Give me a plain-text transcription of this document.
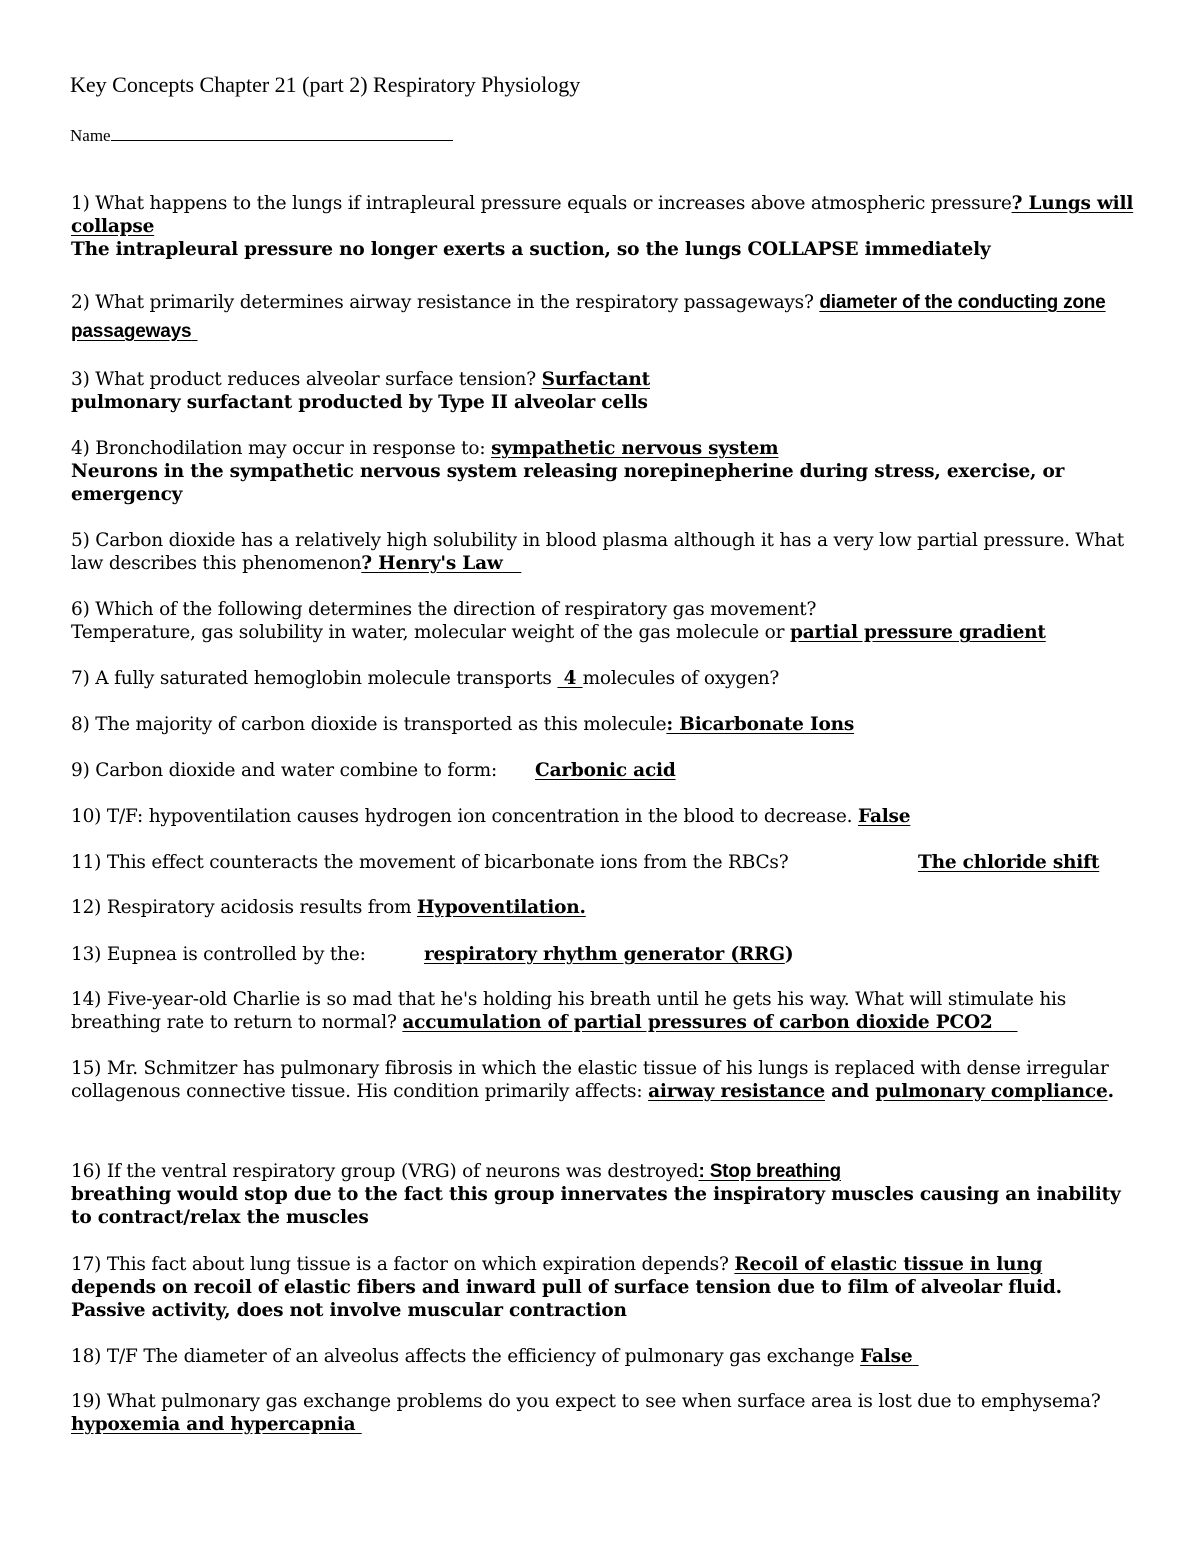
Key Concepts Chapter 21 (part 2) Respiratory Physiology
Name
1) What happens to the lungs if intrapleural pressure equals or increases above atmospheric pressure? Lungs will collapse
The intrapleural pressure no longer exerts a suction, so the lungs COLLAPSE immediately
2) What primarily determines airway resistance in the respiratory passageways? diameter of the conducting zone passageways
3) What product reduces alveolar surface tension? Surfactant
pulmonary surfactant producted by Type II alveolar cells
4) Bronchodilation may occur in response to: sympathetic nervous system
Neurons in the sympathetic nervous system releasing norepinepherine during stress, exercise, or emergency
5) Carbon dioxide has a relatively high solubility in blood plasma although it has a very low partial pressure. What law describes this phenomenon? Henry's Law
6) Which of the following determines the direction of respiratory gas movement?
Temperature, gas solubility in water, molecular weight of the gas molecule or partial pressure gradient
7) A fully saturated hemoglobin molecule transports  4 molecules of oxygen?
8) The majority of carbon dioxide is transported as this molecule: Bicarbonate Ions
9) Carbon dioxide and water combine to form: Carbonic acid
10) T/F: hypoventilation causes hydrogen ion concentration in the blood to decrease. False
11) This effect counteracts the movement of bicarbonate ions from the RBCs?	The chloride shift
12) Respiratory acidosis results from Hypoventilation.
13) Eupnea is controlled by the:	respiratory rhythm generator (RRG)
14) Five-year-old Charlie is so mad that he's holding his breath until he gets his way. What will stimulate his breathing rate to return to normal? accumulation of partial pressures of carbon dioxide PCO2
15) Mr. Schmitzer has pulmonary fibrosis in which the elastic tissue of his lungs is replaced with dense irregular collagenous connective tissue. His condition primarily affects: airway resistance and pulmonary compliance.
16) If the ventral respiratory group (VRG) of neurons was destroyed: Stop breathing
breathing would stop due to the fact this group innervates the inspiratory muscles causing an inability to contract/relax the muscles
17) This fact about lung tissue is a factor on which expiration depends? Recoil of elastic tissue in lung
depends on recoil of elastic fibers and inward pull of surface tension due to film of alveolar fluid. Passive activity, does not involve muscular contraction
18) T/F The diameter of an alveolus affects the efficiency of pulmonary gas exchange False
19) What pulmonary gas exchange problems do you expect to see when surface area is lost due to emphysema? hypoxemia and hypercapnia
